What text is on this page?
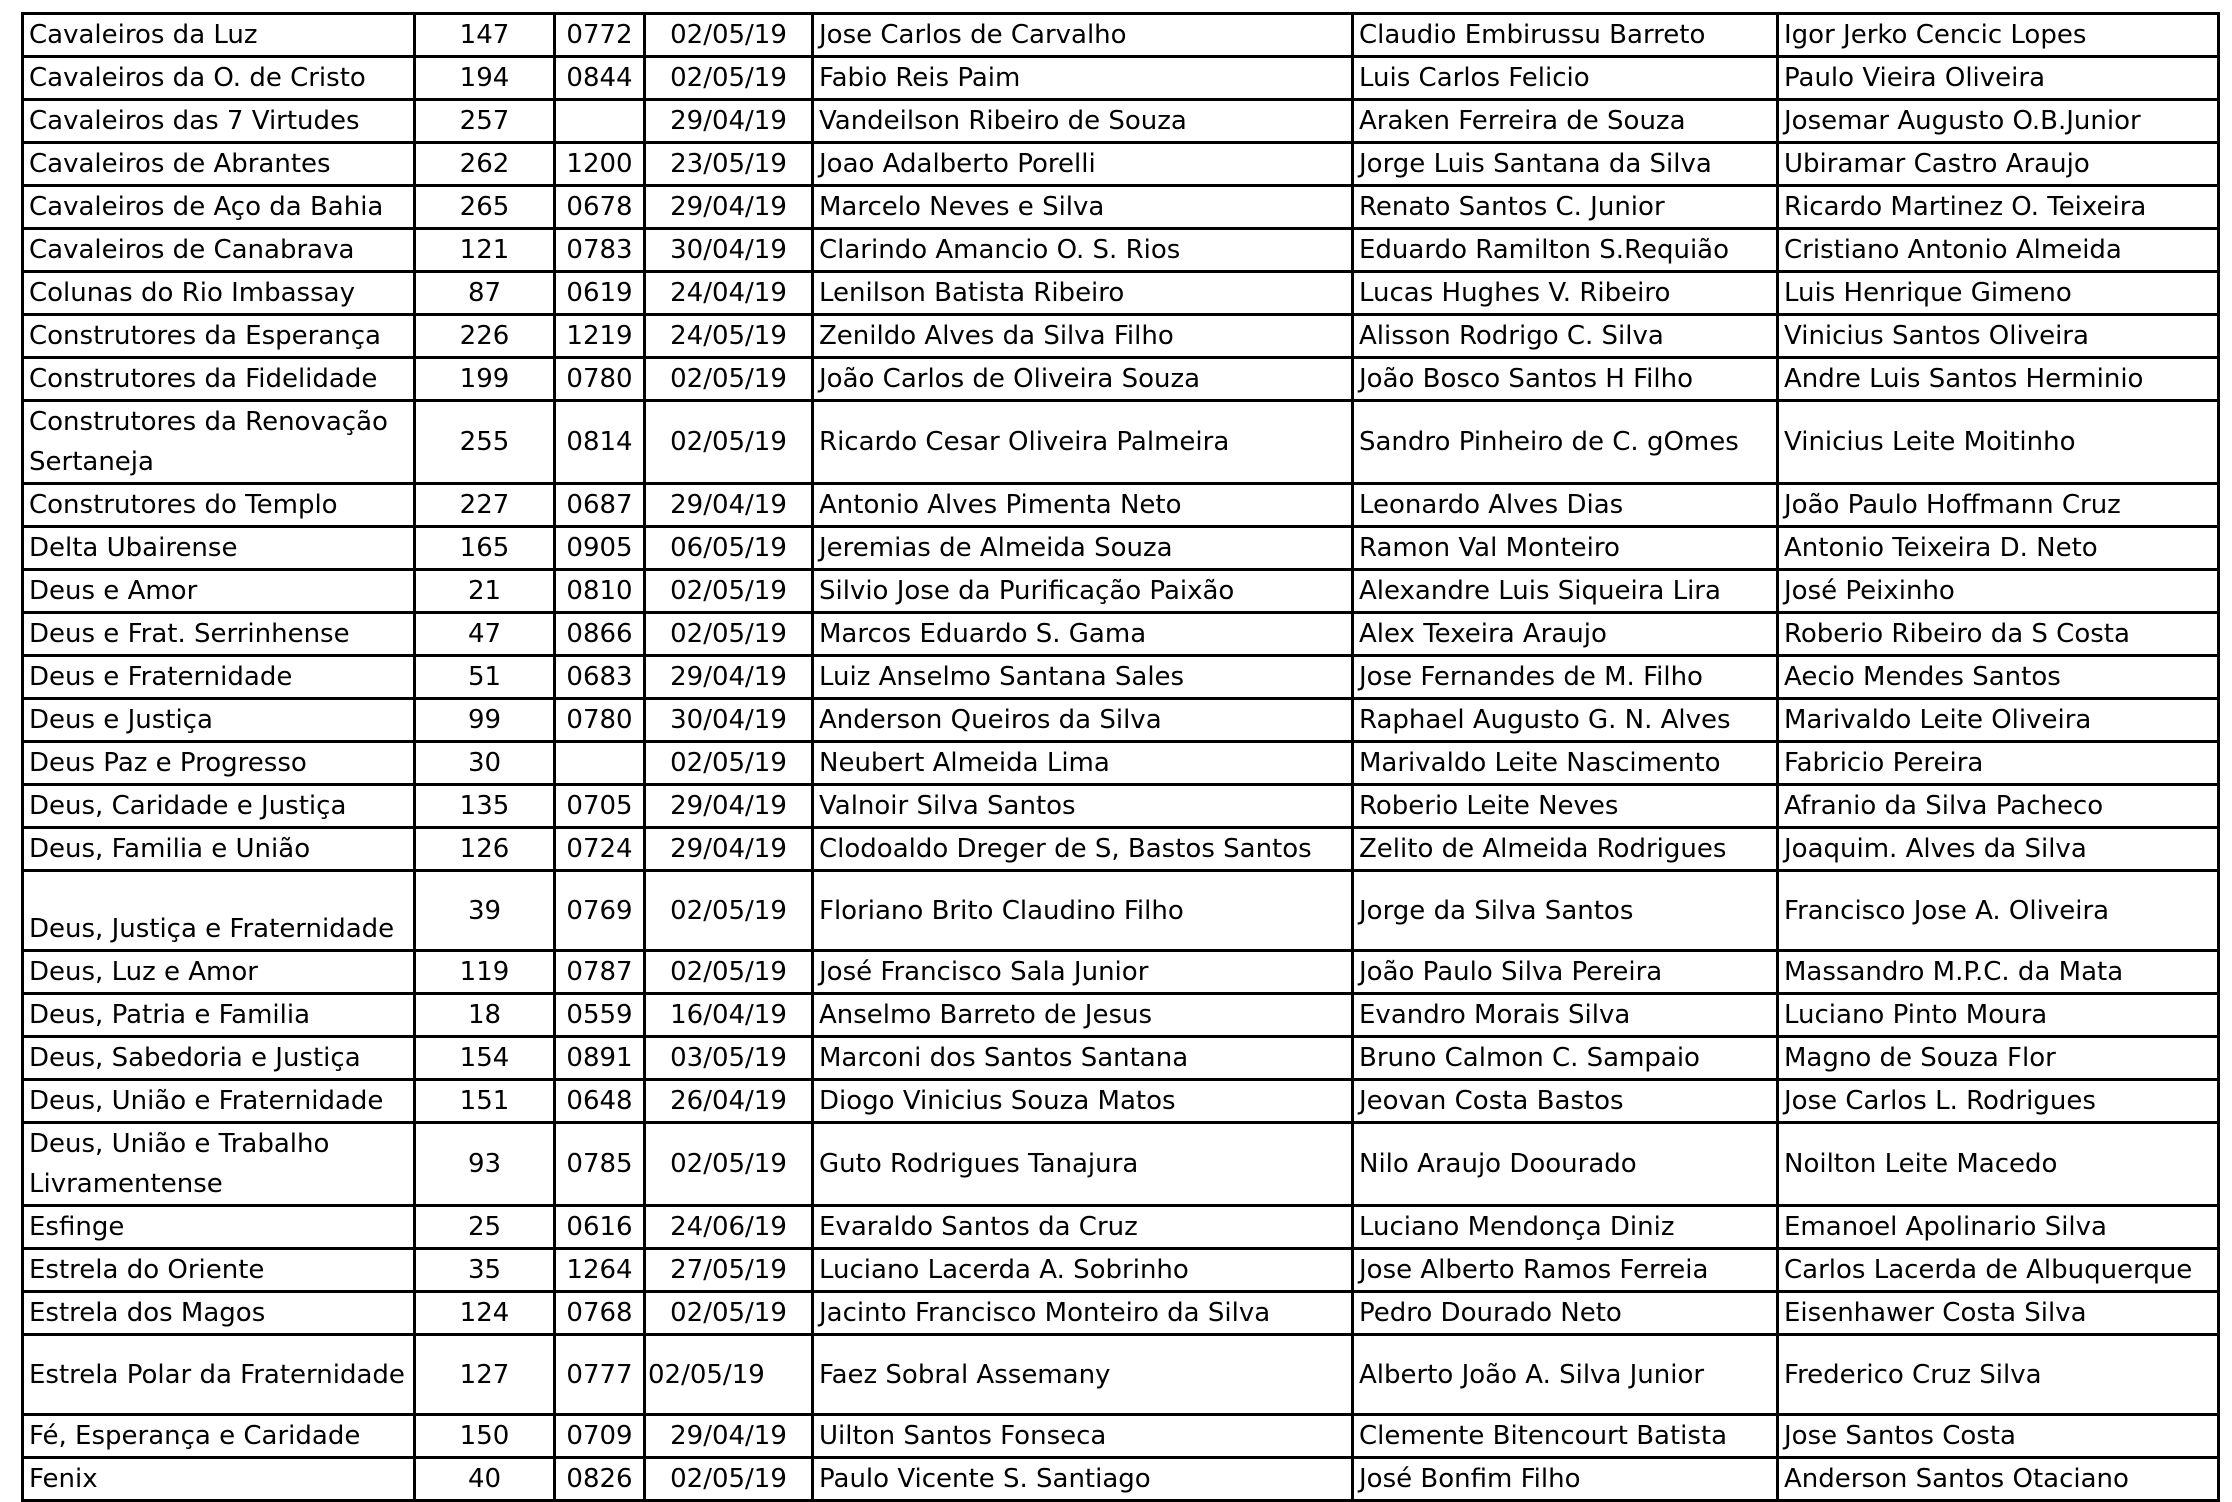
Cavaleiros da Luz	147	0772	02/05/19	Jose Carlos de Carvalho	Claudio Embirussu Barreto	Igor Jerko Cencic Lopes
Cavaleiros da O. de Cristo	194	0844	02/05/19	Fabio Reis Paim	Luis Carlos Felicio	Paulo Vieira Oliveira
Cavaleiros das 7 Virtudes	257		29/04/19	Vandeilson Ribeiro de Souza	Araken Ferreira de Souza	Josemar Augusto O.B.Junior
Cavaleiros de Abrantes	262	1200	23/05/19	Joao Adalberto Porelli	Jorge Luis Santana da Silva	Ubiramar Castro Araujo
Cavaleiros de Aço da Bahia	265	0678	29/04/19	Marcelo Neves e Silva	Renato Santos C. Junior	Ricardo Martinez O. Teixeira
Cavaleiros de Canabrava	121	0783	30/04/19	Clarindo Amancio O. S. Rios	Eduardo Ramilton S.Requião	Cristiano Antonio Almeida
Colunas do Rio Imbassay	87	0619	24/04/19	Lenilson Batista Ribeiro	Lucas Hughes V. Ribeiro	Luis Henrique Gimeno
Construtores da Esperança	226	1219	24/05/19	Zenildo Alves da Silva Filho	Alisson Rodrigo C. Silva	Vinicius Santos Oliveira
Construtores da Fidelidade	199	0780	02/05/19	João Carlos de Oliveira Souza	João Bosco Santos H Filho	Andre Luis Santos Herminio
Construtores da Renovação Sertaneja	255	0814	02/05/19	Ricardo Cesar Oliveira Palmeira	Sandro Pinheiro de C. gOmes	Vinicius Leite Moitinho
Construtores do Templo	227	0687	29/04/19	Antonio Alves Pimenta Neto	Leonardo Alves Dias	João Paulo Hoffmann Cruz
Delta Ubairense	165	0905	06/05/19	Jeremias de Almeida Souza	Ramon Val Monteiro	Antonio Teixeira D. Neto
Deus e Amor	21	0810	02/05/19	Silvio Jose da Purificação Paixão	Alexandre Luis Siqueira Lira	José Peixinho
Deus e Frat. Serrinhense	47	0866	02/05/19	Marcos Eduardo S. Gama	Alex Texeira Araujo	Roberio Ribeiro da S Costa
Deus e Fraternidade	51	0683	29/04/19	Luiz Anselmo Santana Sales	Jose Fernandes de M. Filho	Aecio Mendes Santos
Deus e Justiça	99	0780	30/04/19	Anderson Queiros da Silva	Raphael Augusto G. N. Alves	Marivaldo Leite Oliveira
Deus Paz e Progresso	30		02/05/19	Neubert Almeida Lima	Marivaldo Leite Nascimento	Fabricio Pereira
Deus, Caridade e Justiça	135	0705	29/04/19	Valnoir Silva Santos	Roberio Leite Neves	Afranio da Silva Pacheco
Deus, Familia e União	126	0724	29/04/19	Clodoaldo Dreger de S, Bastos Santos	Zelito de Almeida Rodrigues	Joaquim. Alves da Silva
Deus, Justiça e Fraternidade	39	0769	02/05/19	Floriano Brito Claudino Filho	Jorge da Silva Santos	Francisco Jose A. Oliveira
Deus, Luz e Amor	119	0787	02/05/19	José Francisco Sala Junior	João Paulo Silva Pereira	Massandro M.P.C. da Mata
Deus, Patria e Familia	18	0559	16/04/19	Anselmo Barreto de Jesus	Evandro Morais Silva	Luciano Pinto Moura
Deus, Sabedoria e Justiça	154	0891	03/05/19	Marconi dos Santos Santana	Bruno Calmon C. Sampaio	Magno de Souza Flor
Deus, União e Fraternidade	151	0648	26/04/19	Diogo Vinicius Souza Matos	Jeovan Costa Bastos	Jose Carlos L. Rodrigues
Deus, União e Trabalho Livramentense	93	0785	02/05/19	Guto Rodrigues Tanajura	Nilo Araujo Doourado	Noilton Leite Macedo
Esfinge	25	0616	24/06/19	Evaraldo Santos da Cruz	Luciano Mendonça Diniz	Emanoel Apolinario Silva
Estrela do Oriente	35	1264	27/05/19	Luciano Lacerda A. Sobrinho	Jose Alberto Ramos Ferreia	Carlos Lacerda de Albuquerque
Estrela dos Magos	124	0768	02/05/19	Jacinto Francisco Monteiro da Silva	Pedro Dourado Neto	Eisenhawer Costa Silva
Estrela Polar da Fraternidade	127	0777	02/05/19	Faez Sobral Assemany	Alberto João A. Silva Junior	Frederico Cruz Silva
Fé, Esperança e Caridade	150	0709	29/04/19	Uilton Santos Fonseca	Clemente Bitencourt Batista	Jose Santos Costa
Fenix	40	0826	02/05/19	Paulo Vicente S. Santiago	José Bonfim Filho	Anderson Santos Otaciano
